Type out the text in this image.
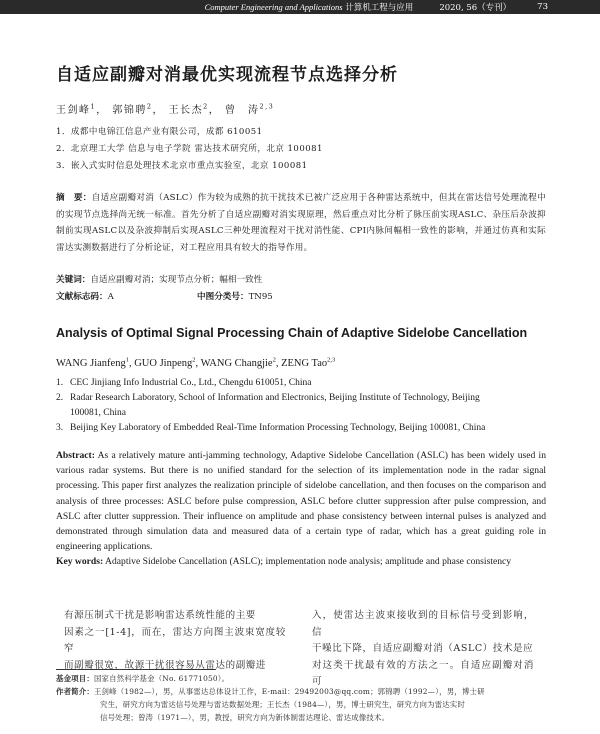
Computer Engineering and Applications 计算机工程与应用	2020, 56（专刊）	73
自适应副瓣对消最优实现流程节点选择分析
王剑峰$^1$， 郭锦聘$^2$， 王长杰$^2$， 曾　涛$^{2,3}$
1．成都中电锦江信息产业有限公司，成都 610051
2．北京理工大学 信息与电子学院 雷达技术研究所，北京 100081
3．嵌入式实时信息处理技术北京市重点实验室，北京 100081
摘　要：自适应副瓣对消（ASLC）作为较为成熟的抗干扰技术已被广泛应用于各种雷达系统中，但其在雷达信号处理流程中的实现节点选择尚无统一标准。首先分析了自适应副瓣对消实现原理，然后重点对比分析了脉压前实现ASLC、杂压后杂波抑制前实现ASLC以及杂波抑制后实现ASLC三种处理流程对干扰对消性能、CPI内脉间幅相一致性的影响，并通过仿真和实际雷达实测数据进行了分析论证，对工程应用具有较大的指导作用。
关键词：自适应副瓣对消；实现节点分析；幅相一致性
文献标志码：A	中图分类号：TN95
Analysis of Optimal Signal Processing Chain of Adaptive Sidelobe Cancellation
WANG Jianfeng$^1$, GUO Jinpeng$^2$, WANG Changjie$^2$, ZENG Tao$^{2,3}$
1. CEC Jinjiang Info Industrial Co., Ltd., Chengdu 610051, China
2. Radar Research Laboratory, School of Information and Electronics, Beijing Institute of Technology, Beijing
100081, China
3. Beijing Key Laboratory of Embedded Real-Time Information Processing Technology, Beijing 100081, China
Abstract: As a relatively mature anti-jamming technology, Adaptive Sidelobe Cancellation (ASLC) has been widely used in various radar systems. But there is no unified standard for the selection of its implementation node in the radar signal processing. This paper first analyzes the realization principle of sidelobe cancellation, and then focuses on the comparison and analysis of three processes: ASLC before pulse compression, ASLC before clutter suppression after pulse compression, and ASLC after clutter suppression. Their influence on amplitude and phase consistency between internal pulses is analyzed and demonstrated through simulation data and measured data of a certain type of radar, which has a great guiding role in engineering applications.
Key words: Adaptive Sidelobe Cancellation (ASLC); implementation node analysis; amplitude and phase consistency
有源压制式干扰是影响雷达系统性能的主要
因素之一[1-4]，而在，雷达方向图主波束宽度较窄
而副瓣很宽，故源干扰很容易从雷达的副瓣进
入，使雷达主波束接收到的目标信号受到影响，信
干噪比下降，自适应副瓣对消（ASLC）技术是应
对这类干扰最有效的方法之一。自适应副瓣对消可
基金项目：国家自然科学基金（No. 61771050）。
作者简介：王剑峰（1982—），男，从事雷达总体设计工作，E-mail：29492003@qq.com；郭锦聘（1992—），男，博士研
究生，研究方向为雷达信号处理与雷达数据处理；王长杰（1984—），男，博士研究生，研究方向为雷达实时
信号处理；曾涛（1971—），男，教授，研究方向为新体制雷达理论、雷达成像技术。
